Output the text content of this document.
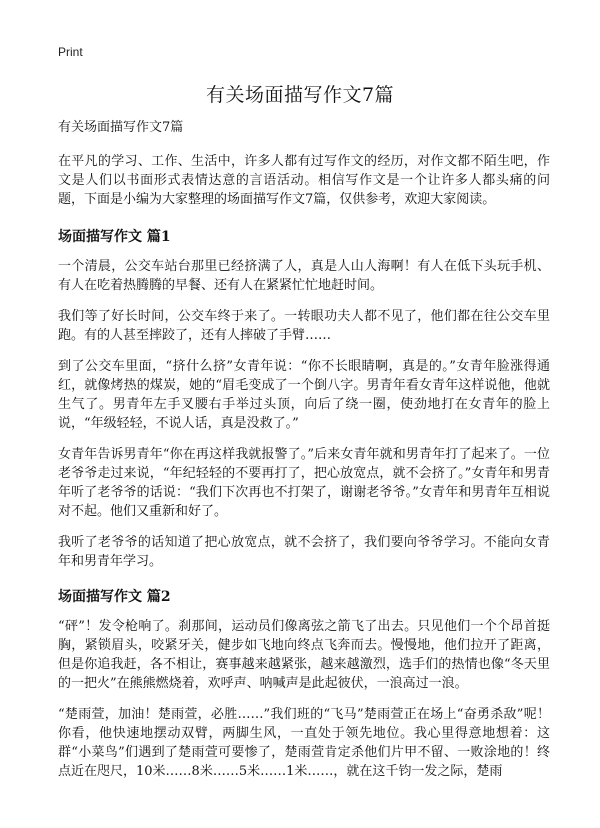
Print
有关场面描写作文7篇
有关场面描写作文7篇

在平凡的学习、工作、生活中，许多人都有过写作文的经历，对作文都不陌生吧，作文是人们以书面形式表情达意的言语活动。相信写作文是一个让许多人都头痛的问题，下面是小编为大家整理的场面描写作文7篇，仅供参考，欢迎大家阅读。

场面描写作文 篇1

一个清晨，公交车站台那里已经挤满了人，真是人山人海啊！有人在低下头玩手机、有人在吃着热腾腾的早餐、还有人在紧紧忙忙地赶时间。

我们等了好长时间，公交车终于来了。一转眼功夫人都不见了，他们都在往公交车里跑。有的人甚至摔跤了，还有人摔破了手臂……

到了公交车里面，“挤什么挤”女青年说：“你不长眼睛啊，真是的。”女青年脸涨得通红，就像烤热的煤炭，她的“眉毛变成了一个倒八字。男青年看女青年这样说他，他就生气了。男青年左手叉腰右手举过头顶，向后了绕一圈，使劲地打在女青年的脸上说，“年级轻轻，不说人话，真是没救了。”

女青年告诉男青年“你在再这样我就报警了。”后来女青年就和男青年打了起来了。一位老爷爷走过来说，“年纪轻轻的不要再打了，把心放宽点，就不会挤了。”女青年和男青年听了老爷爷的话说：“我们下次再也不打架了，谢谢老爷爷。”女青年和男青年互相说对不起。他们又重新和好了。

我听了老爷爷的话知道了把心放宽点，就不会挤了，我们要向爷爷学习。不能向女青年和男青年学习。

场面描写作文 篇2

“砰”！发令枪响了。刹那间，运动员们像离弦之箭飞了出去。只见他们一个个昂首挺胸，紧锁眉头，咬紧牙关，健步如飞地向终点飞奔而去。慢慢地，他们拉开了距离，但是你追我赶，各不相让，赛事越来越紧张，越来越激烈，选手们的热情也像“冬天里的一把火”在熊熊燃烧着，欢呼声、呐喊声是此起彼伏，一浪高过一浪。

“楚雨萱，加油！楚雨萱，必胜……”我们班的“飞马”楚雨萱正在场上“奋勇杀敌”呢！你看，他快速地摆动双臂，两脚生风，一直处于领先地位。我心里得意地想着：这群“小菜鸟”们遇到了楚雨萱可要惨了，楚雨萱肯定杀他们片甲不留、一败涂地的！终点近在咫尺，10米……8米……5米……1米……，就在这千钧一发之际，楚雨
